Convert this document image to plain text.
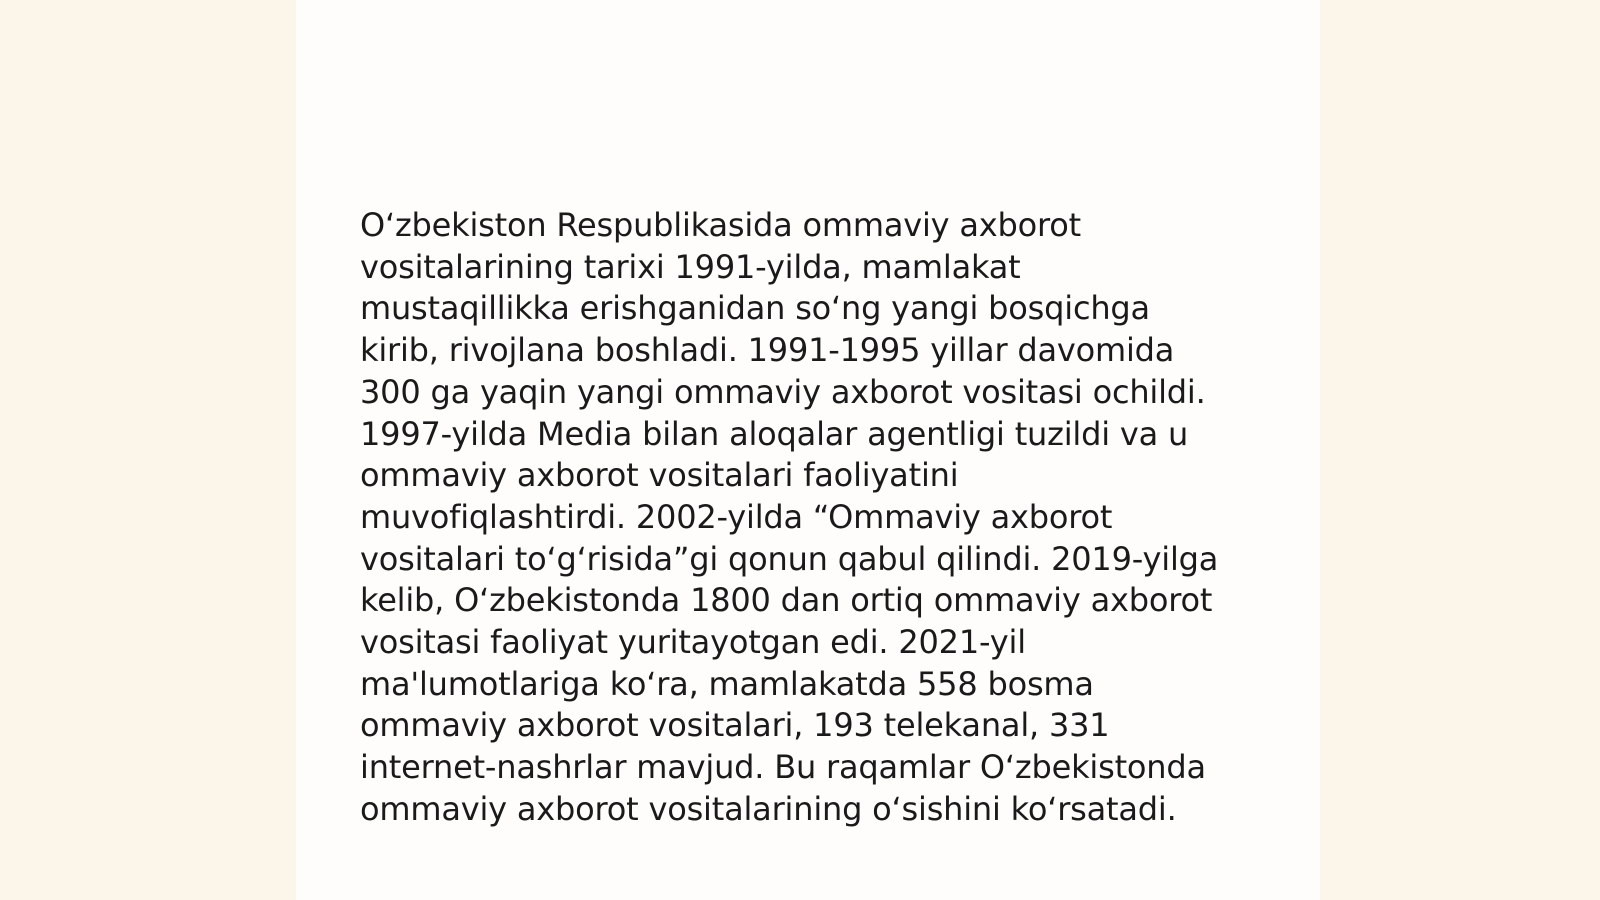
O‘zbekiston Respublikasida ommaviy axborot
vositalarining tarixi 1991-yilda, mamlakat
mustaqillikka erishganidan so‘ng yangi bosqichga
kirib, rivojlana boshladi. 1991-1995 yillar davomida
300 ga yaqin yangi ommaviy axborot vositasi ochildi.
1997-yilda Media bilan aloqalar agentligi tuzildi va u
ommaviy axborot vositalari faoliyatini
muvofiqlashtirdi. 2002-yilda “Ommaviy axborot
vositalari to‘g‘risida”gi qonun qabul qilindi. 2019-yilga
kelib, O‘zbekistonda 1800 dan ortiq ommaviy axborot
vositasi faoliyat yuritayotgan edi. 2021-yil
ma'lumotlariga ko‘ra, mamlakatda 558 bosma
ommaviy axborot vositalari, 193 telekanal, 331
internet-nashrlar mavjud. Bu raqamlar O‘zbekistonda
ommaviy axborot vositalarining o‘sishini ko‘rsatadi.
